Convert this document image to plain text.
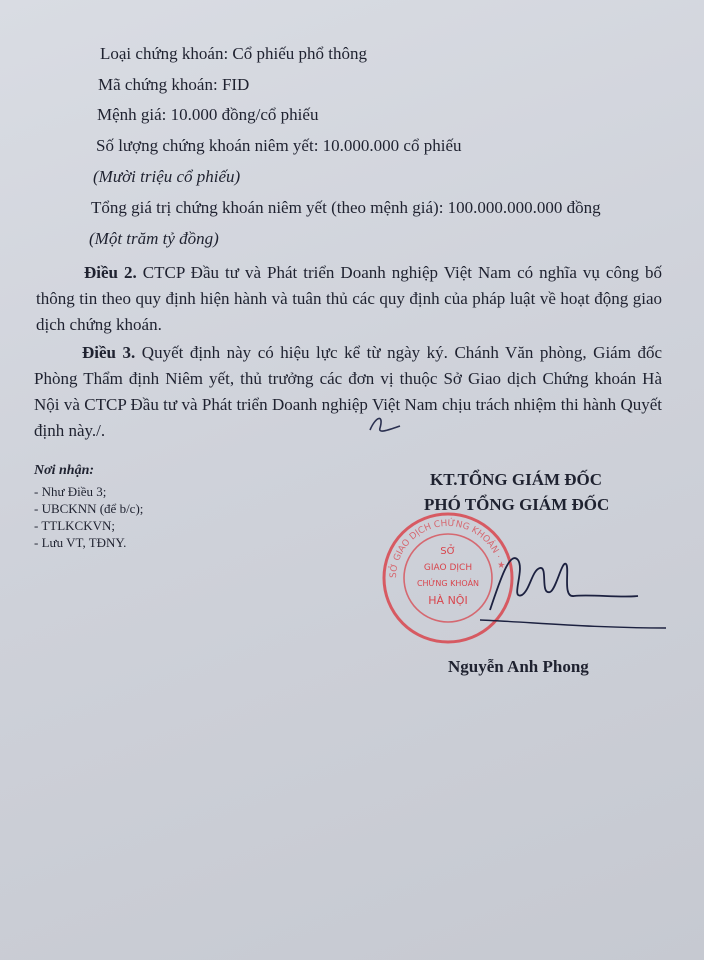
Loại chứng khoán: Cổ phiếu phổ thông
Mã chứng khoán: FID
Mệnh giá: 10.000 đồng/cổ phiếu
Số lượng chứng khoán niêm yết: 10.000.000 cổ phiếu
(Mười triệu cổ phiếu)
Tổng giá trị chứng khoán niêm yết (theo mệnh giá): 100.000.000.000 đồng
(Một trăm tỷ đồng)
Điều 2. CTCP Đầu tư và Phát triển Doanh nghiệp Việt Nam có nghĩa vụ công bố thông tin theo quy định hiện hành và tuân thủ các quy định của pháp luật về hoạt động giao dịch chứng khoán.
Điều 3. Quyết định này có hiệu lực kể từ ngày ký. Chánh Văn phòng, Giám đốc Phòng Thẩm định Niêm yết, thủ trưởng các đơn vị thuộc Sở Giao dịch Chứng khoán Hà Nội và CTCP Đầu tư và Phát triển Doanh nghiệp Việt Nam chịu trách nhiệm thi hành Quyết định này./.
Nơi nhận:
- Như Điều 3;
- UBCKNN (để b/c);
- TTLKCKVN;
- Lưu VT, TĐNY.
KT.TỔNG GIÁM ĐỐC
PHÓ TỔNG GIÁM ĐỐC
SỞ GIAO DỊCH CHỨNG KHOÁN · ★ ·
SỞ
GIAO DỊCH
CHỨNG KHOÁN
HÀ NỘI
Nguyễn Anh Phong
